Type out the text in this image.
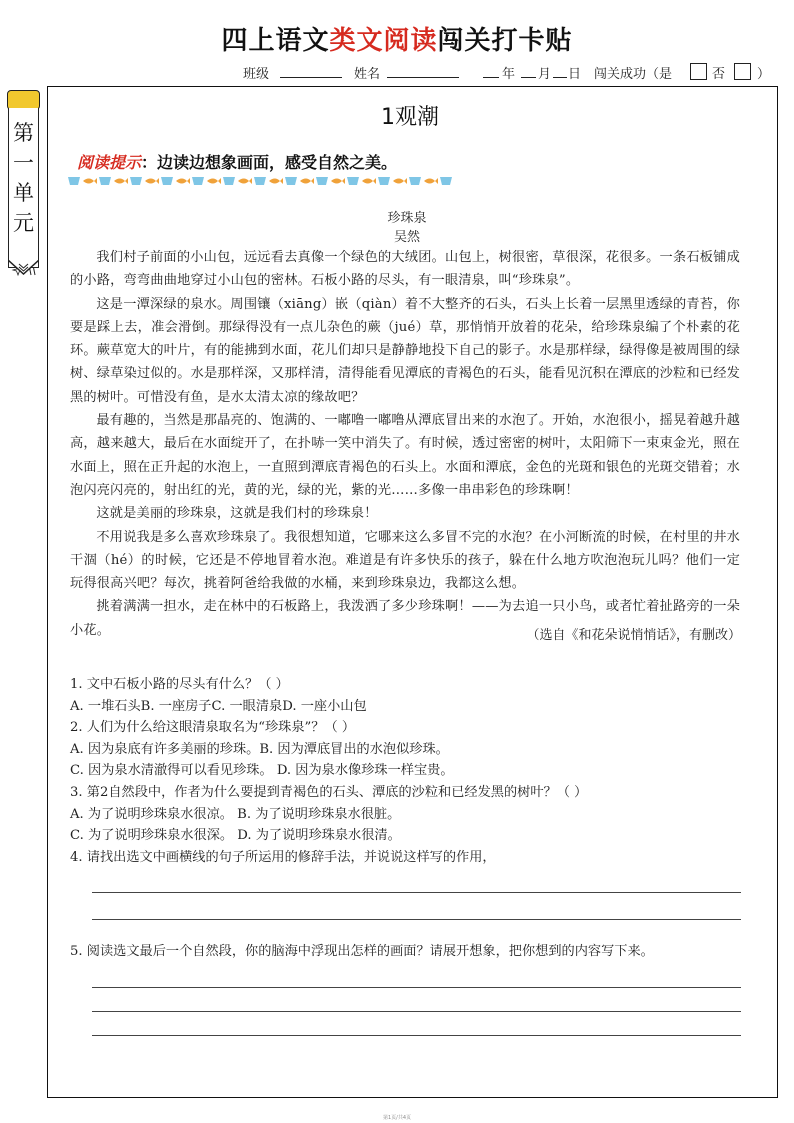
四上语文类文阅读闯关打卡贴
班级	姓名	年 月 日 闯关成功（是	否 ）
第一单元
1观潮
阅读提示：边读边想象画面，感受自然之美。
珍珠泉
吴然

我们村子前面的小山包，远远看去真像一个绿色的大绒团。山包上，树很密，草很深，花很多。一条石板铺成的小路，弯弯曲曲地穿过小山包的密林。石板小路的尽头，有一眼清泉，叫“珍珠泉”。

这是一潭深绿的泉水。周围镶（xiāng）嵌（qiàn）着不大整齐的石头，石头上长着一层黑里透绿的青苔，你要是踩上去，准会滑倒。那绿得没有一点儿杂色的蕨（jué）草，那悄悄开放着的花朵，给珍珠泉编了个朴素的花环。蕨草宽大的叶片，有的能拂到水面，花儿们却只是静静地投下自己的影子。水是那样绿，绿得像是被周围的绿树、绿草染过似的。水是那样深，又那样清，清得能看见潭底的青褐色的石头，能看见沉积在潭底的沙粒和已经发黑的树叶。可惜没有鱼，是水太清太凉的缘故吧？

最有趣的，当然是那晶亮的、饱满的、一嘟噜一嘟噜从潭底冒出来的水泡了。开始，水泡很小，摇晃着越升越高，越来越大，最后在水面绽开了，在扑哧一笑中消失了。有时候，透过密密的树叶，太阳筛下一束束金光，照在水面上，照在正升起的水泡上，一直照到潭底青褐色的石头上。水面和潭底，金色的光斑和银色的光斑交错着；水泡闪亮闪亮的，射出红的光，黄的光，绿的光，紫的光……多像一串串彩色的珍珠啊！

这就是美丽的珍珠泉，这就是我们村的珍珠泉！

不用说我是多么喜欢珍珠泉了。我很想知道，它哪来这么多冒不完的水泡？在小河断流的时候，在村里的井水干涸（hé）的时候，它还是不停地冒着水泡。难道是有许多快乐的孩子，躲在什么地方吹泡泡玩儿吗？他们一定玩得很高兴吧？每次，挑着阿爸给我做的水桶，来到珍珠泉边，我都这么想。

挑着满满一担水，走在林中的石板路上，我泼洒了多少珍珠啊！——为去追一只小鸟，或者忙着扯路旁的一朵小花。	（选自《和花朵说悄悄话》，有删改）
1. 文中石板小路的尽头有什么？（ ）
A. 一堆石头B. 一座房子C. 一眼清泉D. 一座小山包
2. 人们为什么给这眼清泉取名为“珍珠泉”？（ ）
A. 因为泉底有许多美丽的珍珠。B. 因为潭底冒出的水泡似珍珠。
C. 因为泉水清澈得可以看见珍珠。 D. 因为泉水像珍珠一样宝贵。
3. 第2自然段中，作者为什么要提到青褐色的石头、潭底的沙粒和已经发黑的树叶？（ ）
A. 为了说明珍珠泉水很凉。 B. 为了说明珍珠泉水很脏。
C. 为了说明珍珠泉水很深。 D. 为了说明珍珠泉水很清。
4. 请找出选文中画横线的句子所运用的修辞手法，并说说这样写的作用，
5. 阅读选文最后一个自然段，你的脑海中浮现出怎样的画面？请展开想象，把你想到的内容写下来。
第1页/共4页
